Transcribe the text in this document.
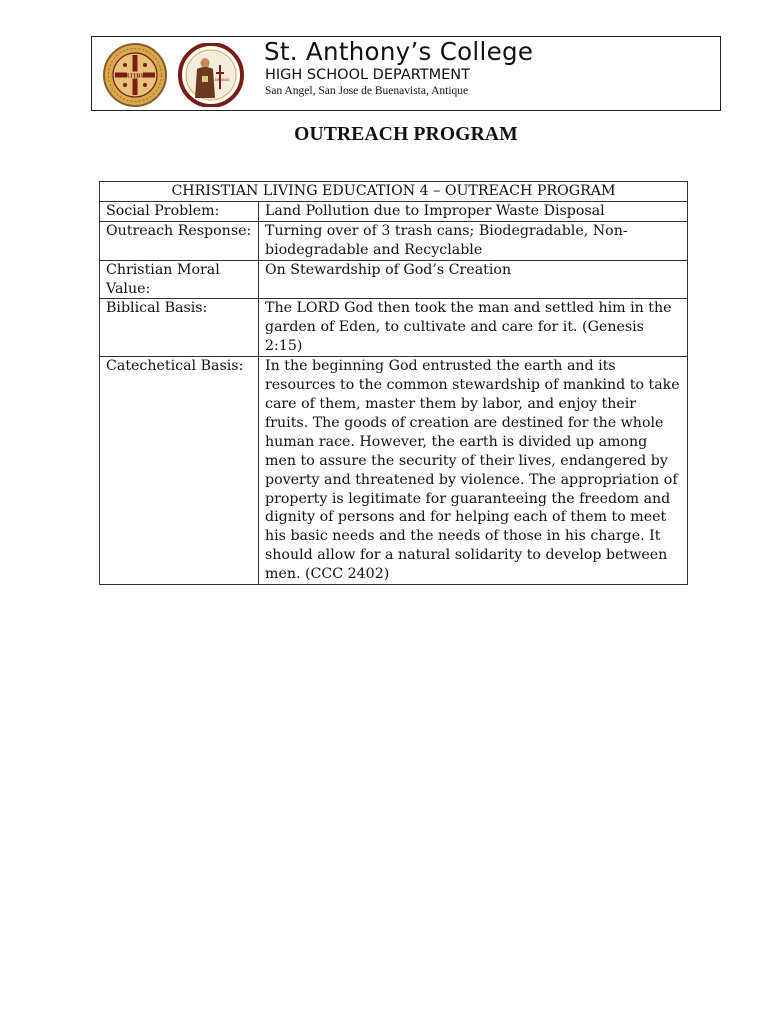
ARTIBUS
ARTIBUS
St. Anthony’s College
HIGH SCHOOL DEPARTMENT
San Angel, San Jose de Buenavista, Antique
OUTREACH PROGRAM
CHRISTIAN LIVING EDUCATION 4 – OUTREACH PROGRAM	
Social Problem:	Land Pollution due to Improper Waste Disposal
Outreach Response:	Turning over of 3 trash cans; Biodegradable, Non-biodegradable and Recyclable
Christian Moral Value:	On Stewardship of God’s Creation
Biblical Basis:	The LORD God then took the man and settled him in the garden of Eden, to cultivate and care for it. (Genesis 2:15)
Catechetical Basis:	In the beginning God entrusted the earth and its resources to the common stewardship of mankind to take care of them, master them by labor, and enjoy their fruits. The goods of creation are destined for the whole human race. However, the earth is divided up among men to assure the security of their lives, endangered by poverty and threatened by violence. The appropriation of property is legitimate for guaranteeing the freedom and dignity of persons and for helping each of them to meet his basic needs and the needs of those in his charge. It should allow for a natural solidarity to develop between men. (CCC 2402)
